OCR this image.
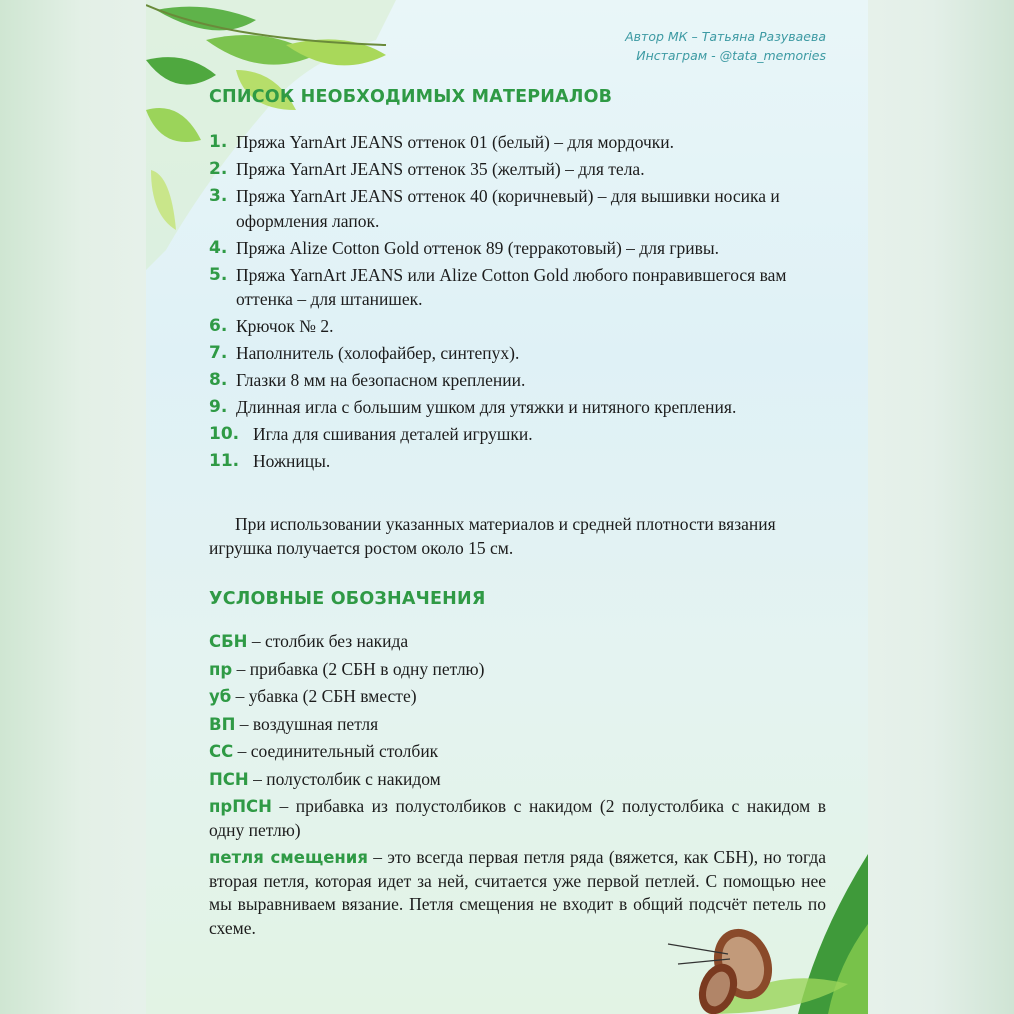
Автор МК – Татьяна Разуваева
Инстаграм - @tata_memories
СПИСОК НЕОБХОДИМЫХ МАТЕРИАЛОВ
1. Пряжа YarnArt JEANS оттенок 01 (белый) – для мордочки.
2. Пряжа YarnArt JEANS оттенок 35 (желтый) – для тела.
3. Пряжа YarnArt JEANS оттенок 40 (коричневый) – для вышивки носика и оформления лапок.
4. Пряжа Alize Cotton Gold оттенок 89 (терракотовый) – для гривы.
5. Пряжа YarnArt JEANS или Alize Cotton Gold любого понравившегося вам оттенка – для штанишек.
6. Крючок № 2.
7. Наполнитель (холофайбер, синтепух).
8. Глазки 8 мм на безопасном креплении.
9. Длинная игла с большим ушком для утяжки и нитяного крепления.
10. Игла для сшивания деталей игрушки.
11. Ножницы.

При использовании указанных материалов и средней плотности вязания игрушка получается ростом около 15 см.

УСЛОВНЫЕ ОБОЗНАЧЕНИЯ

СБН – столбик без накида

пр – прибавка (2 СБН в одну петлю)

уб – убавка (2 СБН вместе)

ВП – воздушная петля

СС – соединительный столбик

ПСН – полустолбик с накидом

прПСН – прибавка из полустолбиков с накидом (2 полустолбика с накидом в одну петлю)

петля смещения – это всегда первая петля ряда (вяжется, как СБН), но тогда вторая петля, которая идет за ней, считается уже первой петлей. С помощью нее мы выравниваем вязание. Петля смещения не входит в общий подсчёт петель по схеме.
